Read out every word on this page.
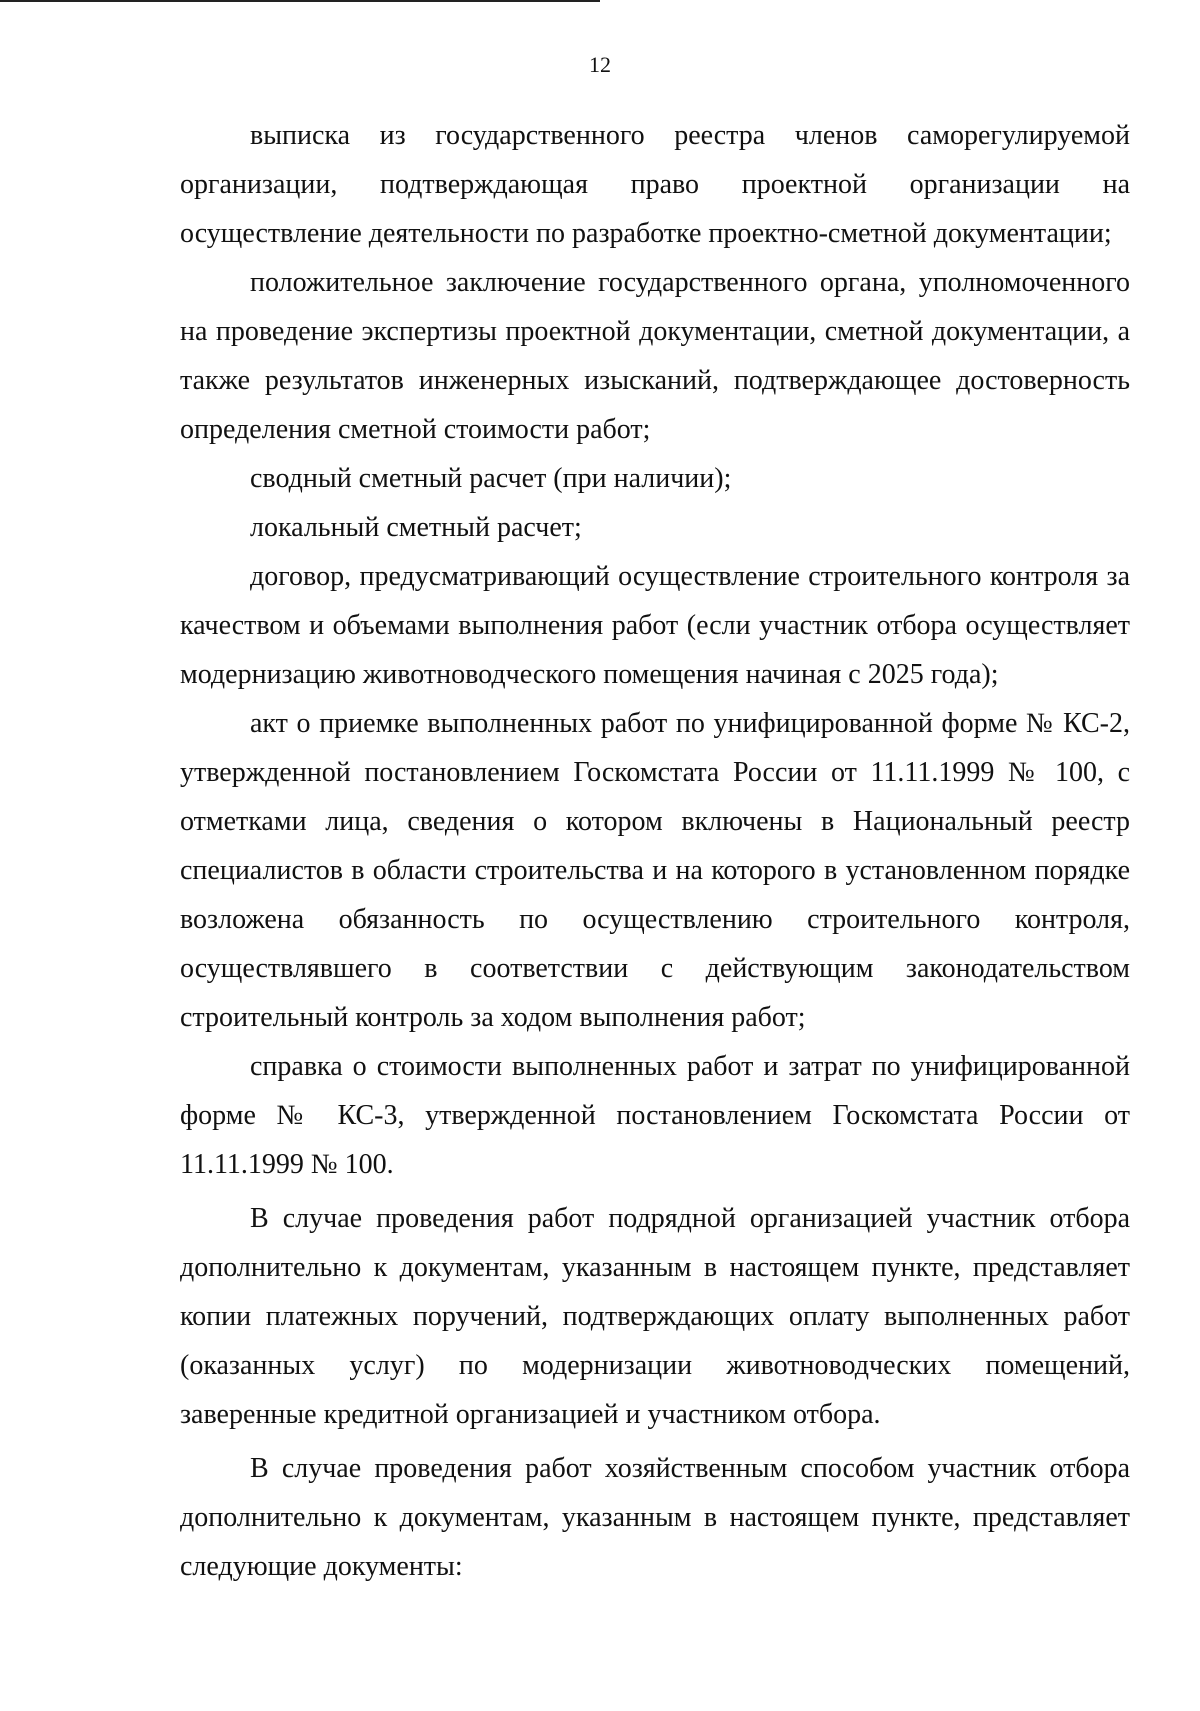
12

выписка из государственного реестра членов саморегулируемой организации, подтверждающая право проектной организации на осуществление деятельности по разработке проектно-сметной документации;

положительное заключение государственного органа, уполномоченного на проведение экспертизы проектной документации, сметной документации, а также результатов инженерных изысканий, подтверждающее достоверность определения сметной стоимости работ;

сводный сметный расчет (при наличии);

локальный сметный расчет;

договор, предусматривающий осуществление строительного контроля за качеством и объемами выполнения работ (если участник отбора осуществляет модернизацию животноводческого помещения начиная с 2025 года);

акт о приемке выполненных работ по унифицированной форме № КС-2, утвержденной постановлением Госкомстата России от 11.11.1999 № 100, с отметками лица, сведения о котором включены в Национальный реестр специалистов в области строительства и на которого в установленном порядке возложена обязанность по осуществлению строительного контроля, осуществлявшего в соответствии с действующим законодательством строительный контроль за ходом выполнения работ;

справка о стоимости выполненных работ и затрат по унифицированной форме № КС-3, утвержденной постановлением Госкомстата России от 11.11.1999 № 100.

В случае проведения работ подрядной организацией участник отбора дополнительно к документам, указанным в настоящем пункте, представляет копии платежных поручений, подтверждающих оплату выполненных работ (оказанных услуг) по модернизации животноводческих помещений, заверенные кредитной организацией и участником отбора.

В случае проведения работ хозяйственным способом участник отбора дополнительно к документам, указанным в настоящем пункте, представляет следующие документы:
